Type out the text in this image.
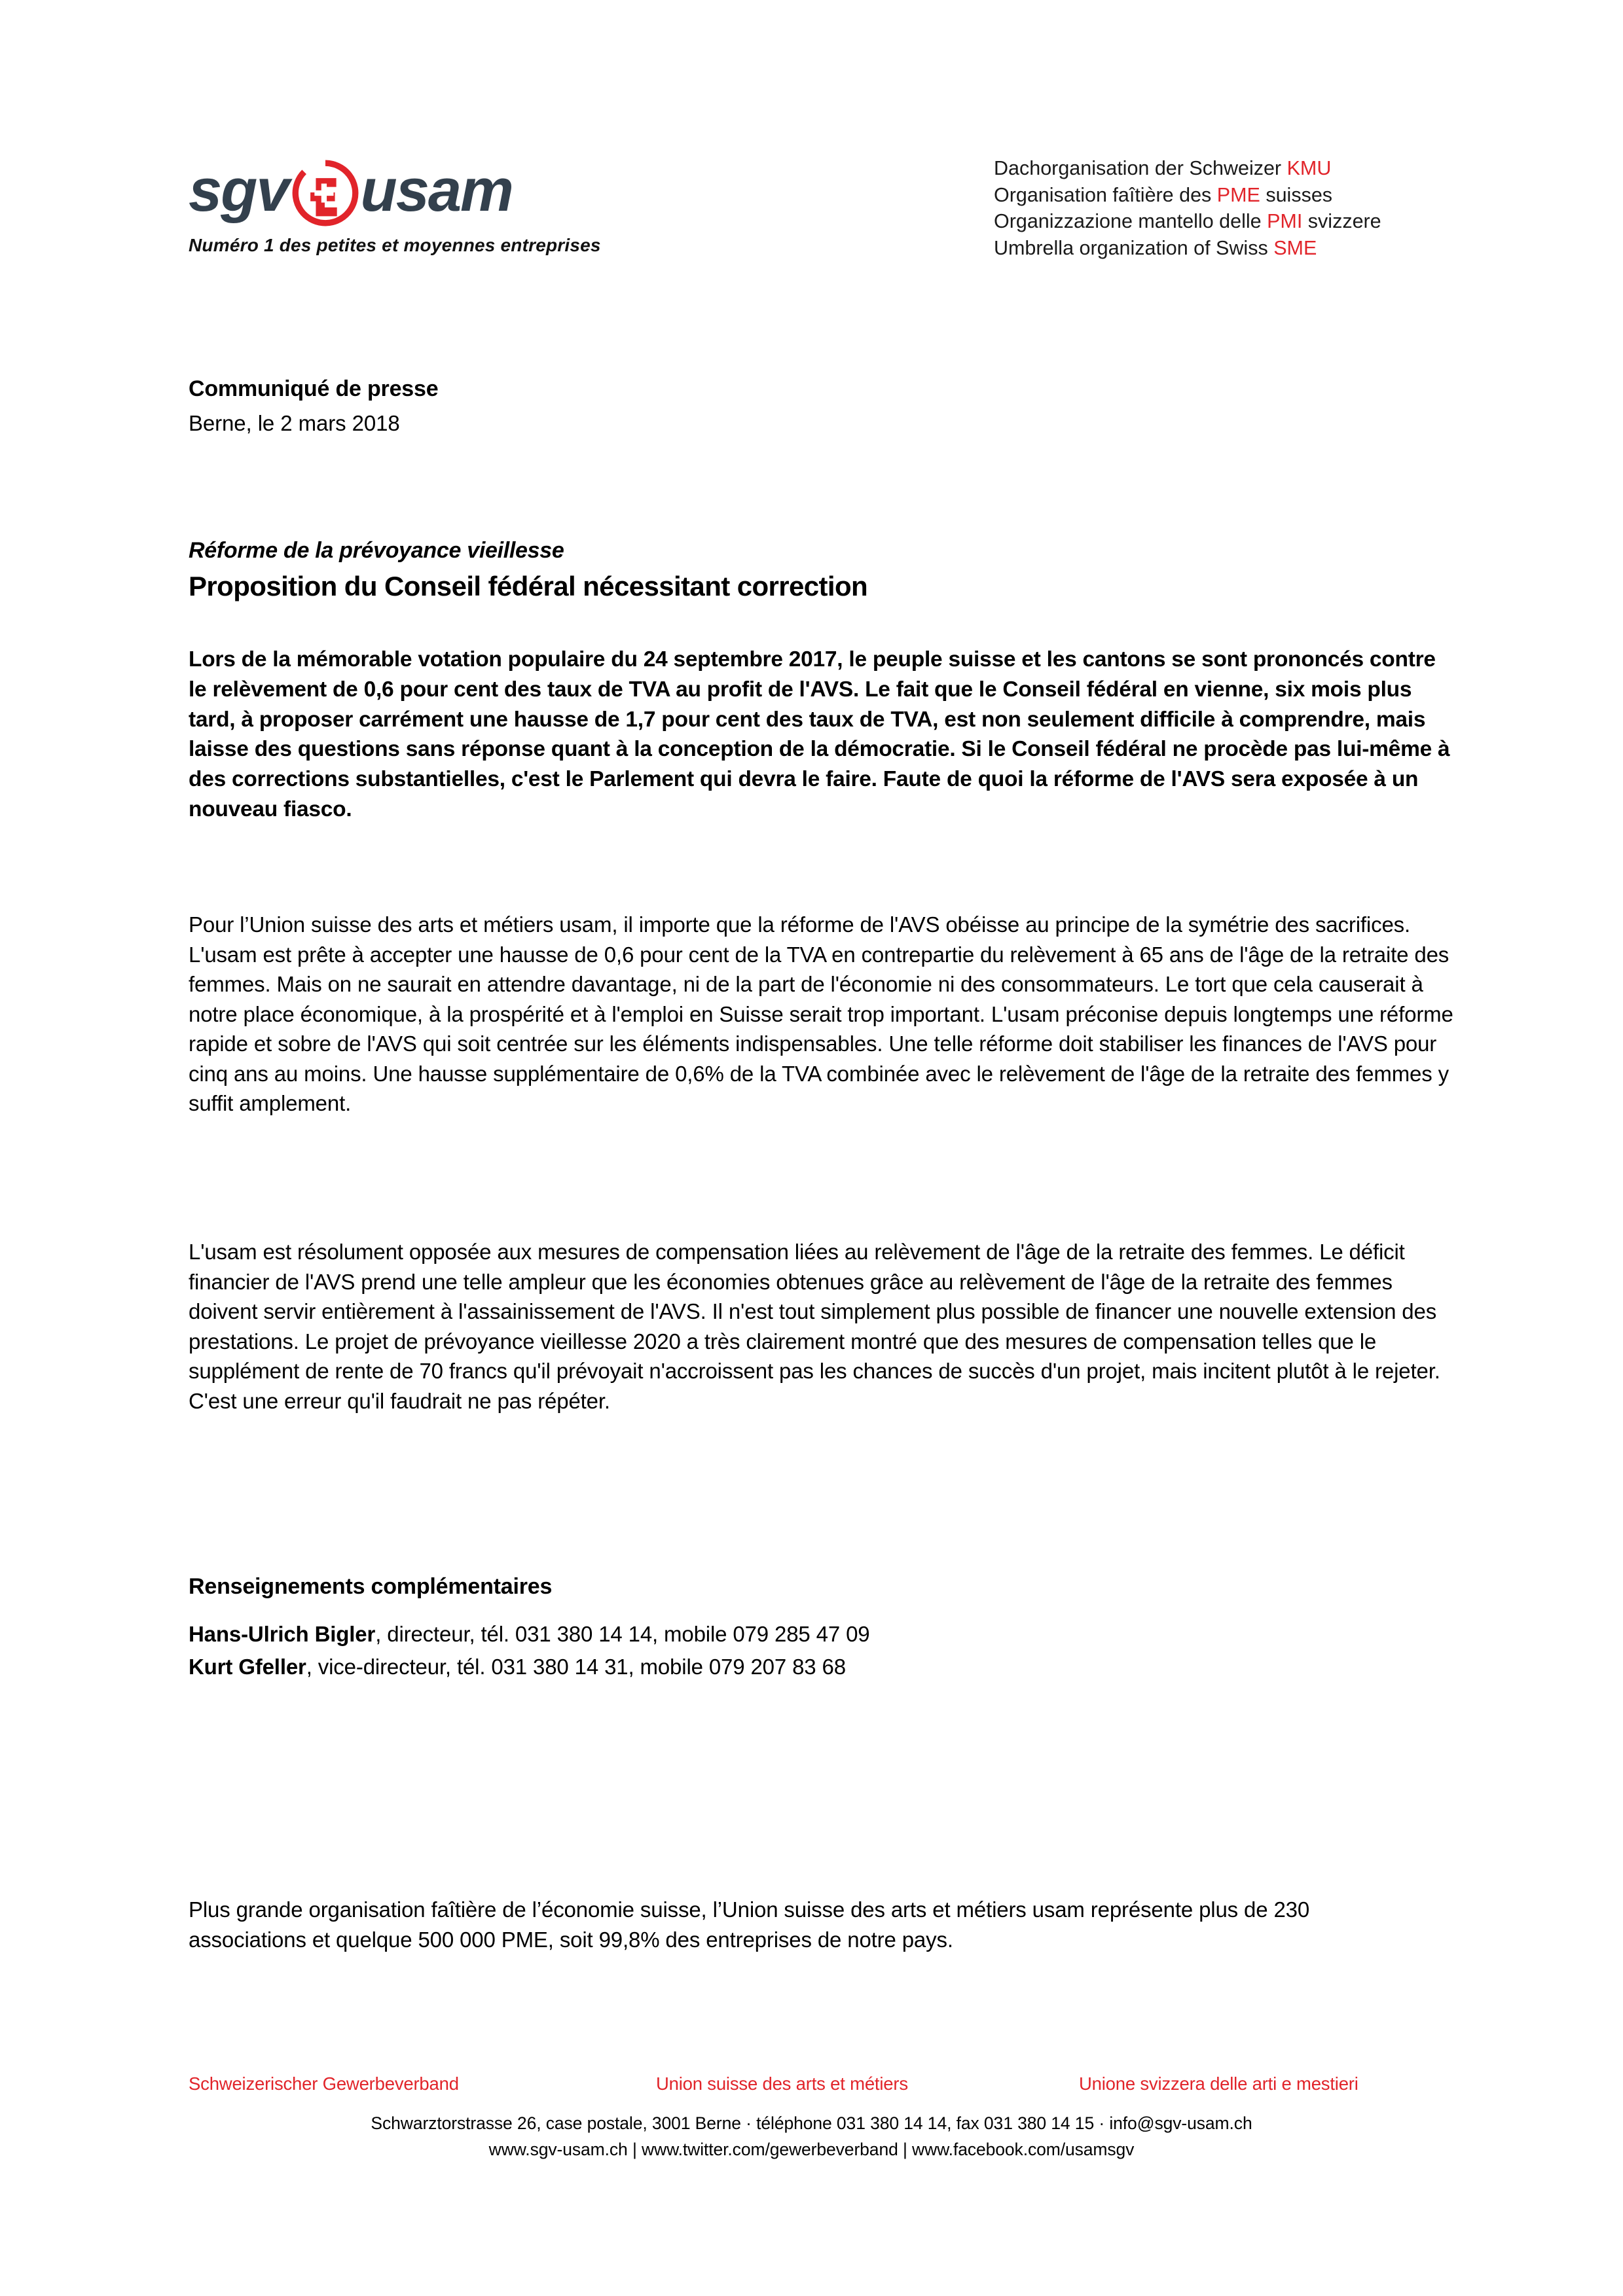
sgv usam
Numéro 1 des petites et moyennes entreprises
Dachorganisation der Schweizer KMU
Organisation faîtière des PME suisses
Organizzazione mantello delle PMI svizzere
Umbrella organization of Swiss SME
Communiqué de presse
Berne, le 2 mars 2018
Réforme de la prévoyance vieillesse
Proposition du Conseil fédéral nécessitant correction
Lors de la mémorable votation populaire du 24 septembre 2017, le peuple suisse et les cantons se sont prononcés contre le relèvement de 0,6 pour cent des taux de TVA au profit de l'AVS. Le fait que le Conseil fédéral en vienne, six mois plus tard, à proposer carrément une hausse de 1,7 pour cent des taux de TVA, est non seulement difficile à comprendre, mais laisse des questions sans réponse quant à la conception de la démocratie. Si le Conseil fédéral ne procède pas lui-même à des corrections substantielles, c'est le Parlement qui devra le faire. Faute de quoi la réforme de l'AVS sera exposée à un nouveau fiasco.
Pour l’Union suisse des arts et métiers usam, il importe que la réforme de l'AVS obéisse au principe de la symétrie des sacrifices. L'usam est prête à accepter une hausse de 0,6 pour cent de la TVA en contrepartie du relèvement à 65 ans de l'âge de la retraite des femmes. Mais on ne saurait en attendre davantage, ni de la part de l'économie ni des consommateurs. Le tort que cela causerait à notre place économique, à la prospérité et à l'emploi en Suisse serait trop important. L'usam préconise depuis longtemps une réforme rapide et sobre de l'AVS qui soit centrée sur les éléments indispensables. Une telle réforme doit stabiliser les finances de l'AVS pour cinq ans au moins. Une hausse supplémentaire de 0,6% de la TVA combinée avec le relèvement de l'âge de la retraite des femmes y suffit amplement.
L'usam est résolument opposée aux mesures de compensation liées au relèvement de l'âge de la retraite des femmes. Le déficit financier de l'AVS prend une telle ampleur que les économies obtenues grâce au relèvement de l'âge de la retraite des femmes doivent servir entièrement à l'assainissement de l'AVS. Il n'est tout simplement plus possible de financer une nouvelle extension des prestations. Le projet de prévoyance vieillesse 2020 a très clairement montré que des mesures de compensation telles que le supplément de rente de 70 francs qu'il prévoyait n'accroissent pas les chances de succès d'un projet, mais incitent plutôt à le rejeter. C'est une erreur qu'il faudrait ne pas répéter.
Renseignements complémentaires
Hans-Ulrich Bigler, directeur, tél. 031 380 14 14, mobile 079 285 47 09
Kurt Gfeller, vice-directeur, tél. 031 380 14 31, mobile 079 207 83 68
Plus grande organisation faîtière de l’économie suisse, l’Union suisse des arts et métiers usam représente plus de 230 associations et quelque 500 000 PME, soit 99,8% des entreprises de notre pays.
Schweizerischer Gewerbeverband	Union suisse des arts et métiers	Unione svizzera delle arti e mestieri
Schwarztorstrasse 26, case postale, 3001 Berne · téléphone 031 380 14 14, fax 031 380 14 15 · info@sgv-usam.ch
www.sgv-usam.ch | www.twitter.com/gewerbeverband | www.facebook.com/usamsgv
